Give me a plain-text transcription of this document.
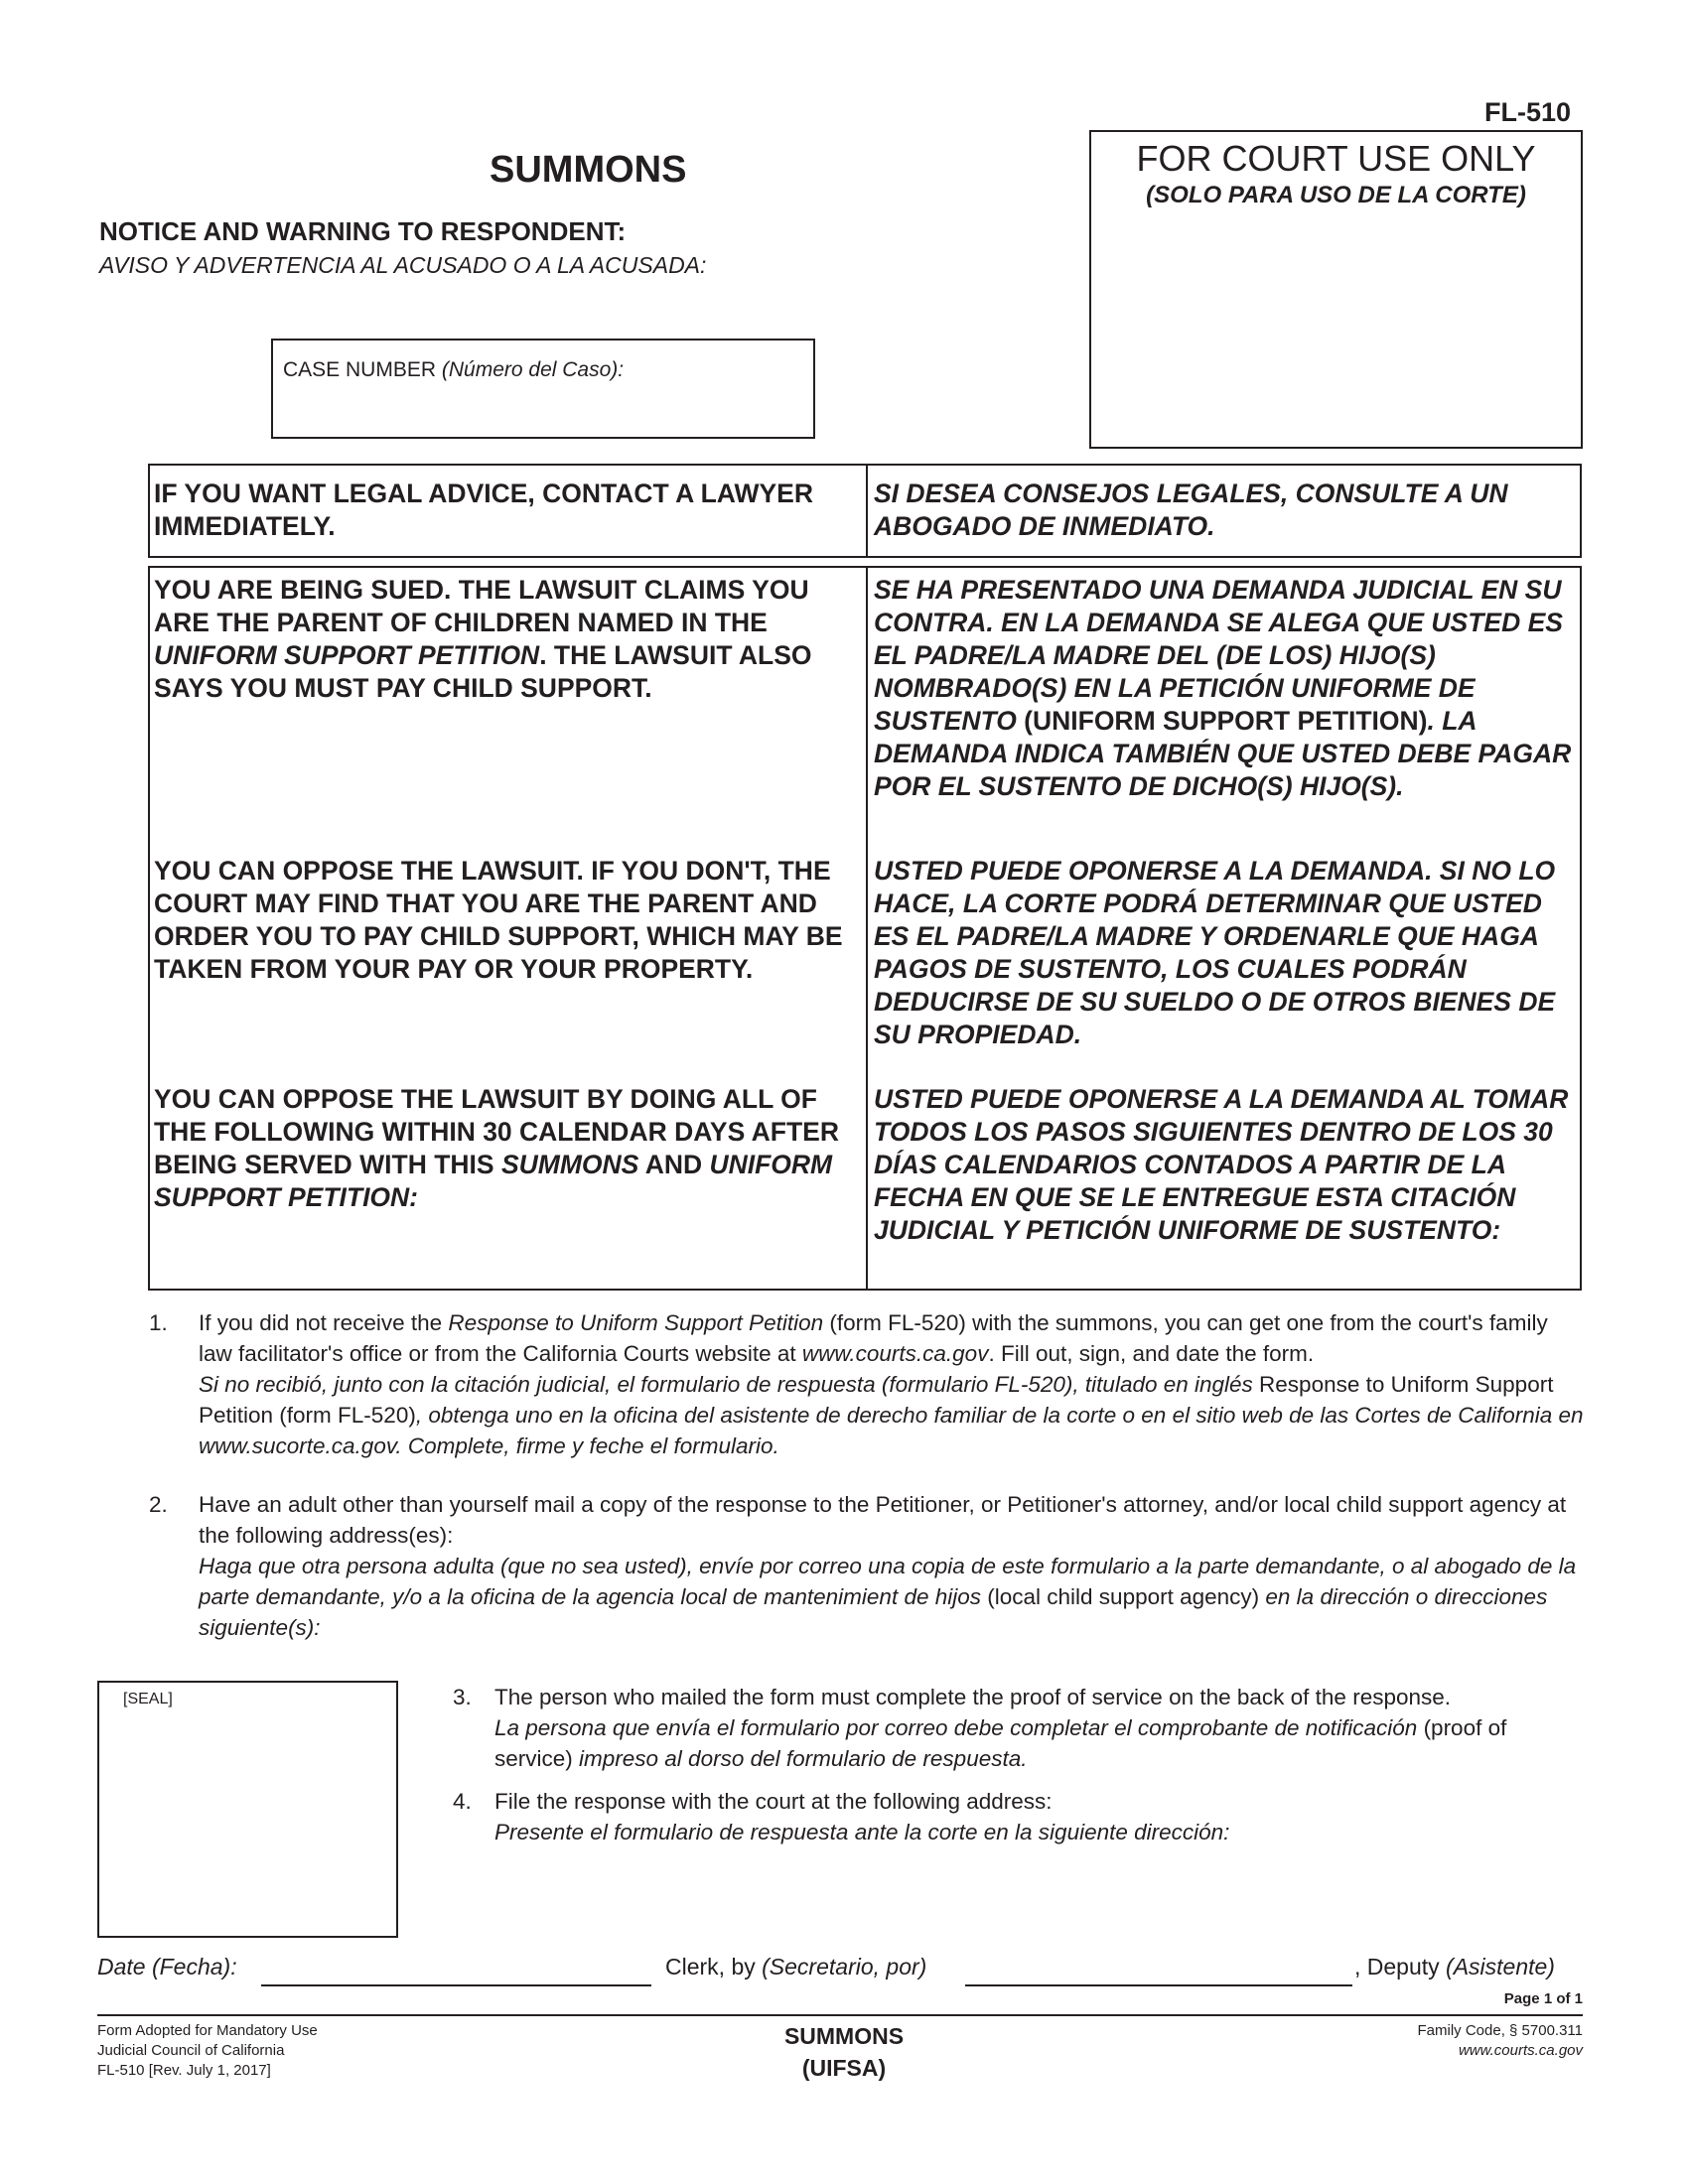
FL-510
SUMMONS
NOTICE AND WARNING TO RESPONDENT:
AVISO Y ADVERTENCIA AL ACUSADO O A LA ACUSADA:
FOR COURT USE ONLY
(SOLO PARA USO DE LA CORTE)
CASE NUMBER (Número del Caso):
IF YOU WANT LEGAL ADVICE, CONTACT A LAWYER IMMEDIATELY.
SI DESEA CONSEJOS LEGALES, CONSULTE A UN ABOGADO DE INMEDIATO.
YOU ARE BEING SUED. THE LAWSUIT CLAIMS YOU ARE THE PARENT OF CHILDREN NAMED IN THE UNIFORM SUPPORT PETITION. THE LAWSUIT ALSO SAYS YOU MUST PAY CHILD SUPPORT.
YOU CAN OPPOSE THE LAWSUIT. IF YOU DON'T, THE COURT MAY FIND THAT YOU ARE THE PARENT AND ORDER YOU TO PAY CHILD SUPPORT, WHICH MAY BE TAKEN FROM YOUR PAY OR YOUR PROPERTY.
YOU CAN OPPOSE THE LAWSUIT BY DOING ALL OF THE FOLLOWING WITHIN 30 CALENDAR DAYS AFTER BEING SERVED WITH THIS SUMMONS AND UNIFORM SUPPORT PETITION:
SE HA PRESENTADO UNA DEMANDA JUDICIAL EN SU CONTRA. EN LA DEMANDA SE ALEGA QUE USTED ES EL PADRE/LA MADRE DEL (DE LOS) HIJO(S) NOMBRADO(S) EN LA PETICIÓN UNIFORME DE SUSTENTO (UNIFORM SUPPORT PETITION). LA DEMANDA INDICA TAMBIÉN QUE USTED DEBE PAGAR POR EL SUSTENTO DE DICHO(S) HIJO(S).
USTED PUEDE OPONERSE A LA DEMANDA. SI NO LO HACE, LA CORTE PODRÁ DETERMINAR QUE USTED ES EL PADRE/LA MADRE Y ORDENARLE QUE HAGA PAGOS DE SUSTENTO, LOS CUALES PODRÁN DEDUCIRSE DE SU SUELDO O DE OTROS BIENES DE SU PROPIEDAD.
USTED PUEDE OPONERSE A LA DEMANDA AL TOMAR TODOS LOS PASOS SIGUIENTES DENTRO DE LOS 30 DÍAS CALENDARIOS CONTADOS A PARTIR DE LA FECHA EN QUE SE LE ENTREGUE ESTA CITACIÓN JUDICIAL Y PETICIÓN UNIFORME DE SUSTENTO:
1. If you did not receive the Response to Uniform Support Petition (form FL-520) with the summons, you can get one from the court's family law facilitator's office or from the California Courts website at www.courts.ca.gov. Fill out, sign, and date the form.
Si no recibió, junto con la citación judicial, el formulario de respuesta (formulario FL-520), titulado en inglés Response to Uniform Support Petition (form FL-520), obtenga uno en la oficina del asistente de derecho familiar de la corte o en el sitio web de las Cortes de California en www.sucorte.ca.gov. Complete, firme y feche el formulario.
2. Have an adult other than yourself mail a copy of the response to the Petitioner, or Petitioner's attorney, and/or local child support agency at the following address(es):
Haga que otra persona adulta (que no sea usted), envíe por correo una copia de este formulario a la parte demandante, o al abogado de la parte demandante, y/o a la oficina de la agencia local de mantenimient de hijos (local child support agency) en la dirección o direcciones siguiente(s):
3. The person who mailed the form must complete the proof of service on the back of the response.
La persona que envía el formulario por correo debe completar el comprobante de notificación (proof of service) impreso al dorso del formulario de respuesta.
4. File the response with the court at the following address:
Presente el formulario de respuesta ante la corte en la siguiente dirección:
[SEAL]
Date (Fecha):	Clerk, by (Secretario, por)	, Deputy (Asistente)
Page 1 of 1
Form Adopted for Mandatory Use
Judicial Council of California
FL-510 [Rev. July 1, 2017]
SUMMONS
(UIFSA)
Family Code, § 5700.311
www.courts.ca.gov
